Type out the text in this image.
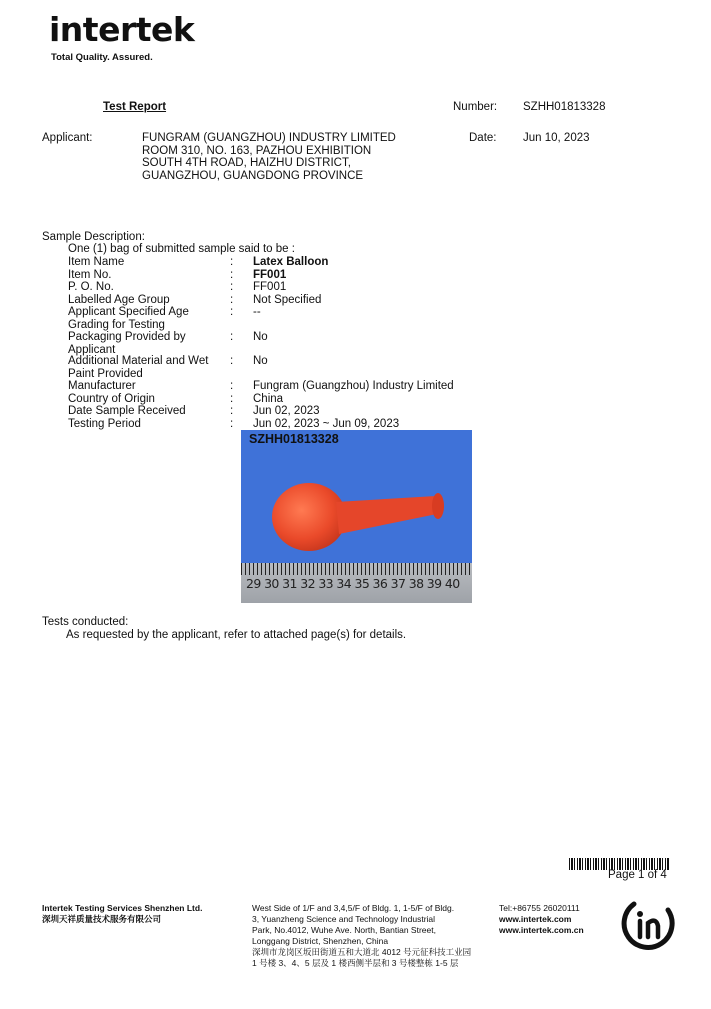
intertek
Total Quality. Assured.
Test Report	Number: SZHH01813328
Applicant:	FUNGRAM (GUANGZHOU) INDUSTRY LIMITED
ROOM 310, NO. 163, PAZHOU EXHIBITION
SOUTH 4TH ROAD, HAIZHU DISTRICT,
GUANGZHOU, GUANGDONG PROVINCE
Date: Jun 10, 2023
Sample Description:
One (1) bag of submitted sample said to be :
Item Name	: Latex Balloon
Item No.	: FF001
P. O. No.	: FF001
Labelled Age Group	: Not Specified
Applicant Specified Age
Grading for Testing
: --
Packaging Provided by
Applicant
: No
Additional Material and Wet
Paint Provided
: No
Manufacturer	: Fungram (Guangzhou) Industry Limited
Country of Origin	: China
Date Sample Received	: Jun 02, 2023
Testing Period	: Jun 02, 2023 ~ Jun 09, 2023
SZHH01813328
29 30 31 32 33 34 35 36 37 38 39 40
Tests conducted:
As requested by the applicant, refer to attached page(s) for details.
Page 1 of 4
Intertek Testing Services Shenzhen Ltd.
深圳天祥质量技术服务有限公司
West Side of 1/F and 3,4,5/F of Bldg. 1, 1-5/F of Bldg.
3, Yuanzheng Science and Technology Industrial
Park, No.4012, Wuhe Ave. North, Bantian Street,
Longgang District, Shenzhen, China
深圳市龙岗区坂田街道五和大道北 4012 号元征科技工业园
1 号楼 3、4、5 层及 1 楼西侧半层和 3 号楼整栋 1-5 层
Tel:+86755 26020111
www.intertek.com
www.intertek.com.cn
